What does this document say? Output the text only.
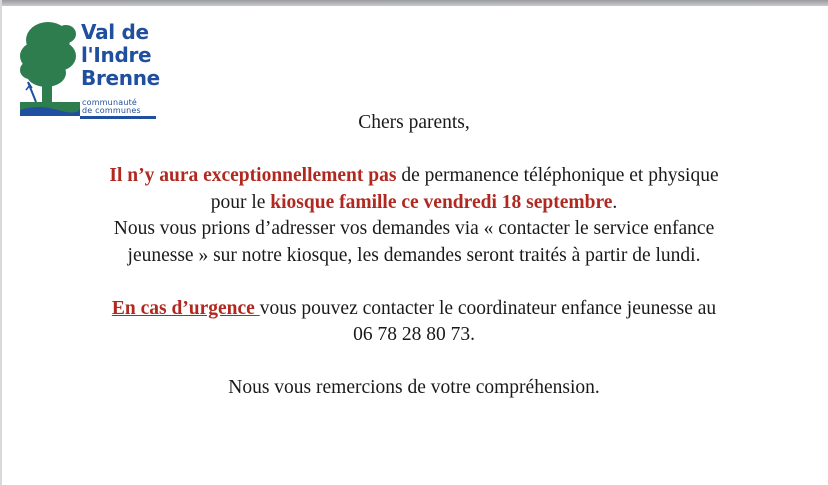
Val de
l'Indre
Brenne
communauté
de communes

Chers parents,

Il n’y aura exceptionnellement pas de permanence téléphonique et physique pour le kiosque famille ce vendredi 18 septembre.

Nous vous prions d’adresser vos demandes via « contacter le service enfance jeunesse » sur notre kiosque, les demandes seront traités à partir de lundi.

En cas d’urgence vous pouvez contacter le coordinateur enfance jeunesse au 06 78 28 80 73.

Nous vous remercions de votre compréhension.
